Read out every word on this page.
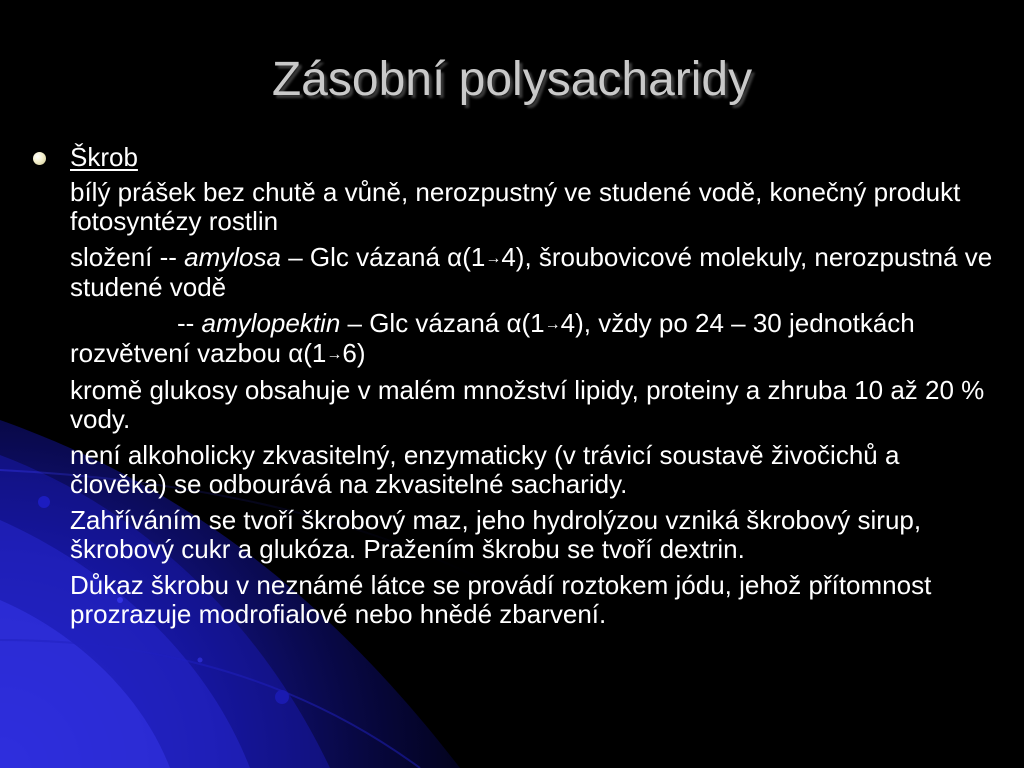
Zásobní polysacharidy
Škrob
bílý prášek bez chutě a vůně, nerozpustný ve studené vodě, konečný produkt fotosyntézy rostlin
složení -- amylosa – Glc vázaná α(1→4), šroubovicové molekuly, nerozpustná ve studené vodě
-- amylopektin – Glc vázaná α(1→4), vždy po 24 – 30 jednotkách rozvětvení vazbou α(1→6)
kromě glukosy obsahuje v malém množství lipidy, proteiny a zhruba 10 až 20 % vody.
není alkoholicky zkvasitelný, enzymaticky (v trávicí soustavě živočichů a člověka) se odbourává na zkvasitelné sacharidy.
Zahříváním se tvoří škrobový maz, jeho hydrolýzou vzniká škrobový sirup, škrobový cukr a glukóza. Pražením škrobu se tvoří dextrin.
Důkaz škrobu v neznámé látce se provádí roztokem jódu, jehož přítomnost prozrazuje modrofialové nebo hnědé zbarvení.
